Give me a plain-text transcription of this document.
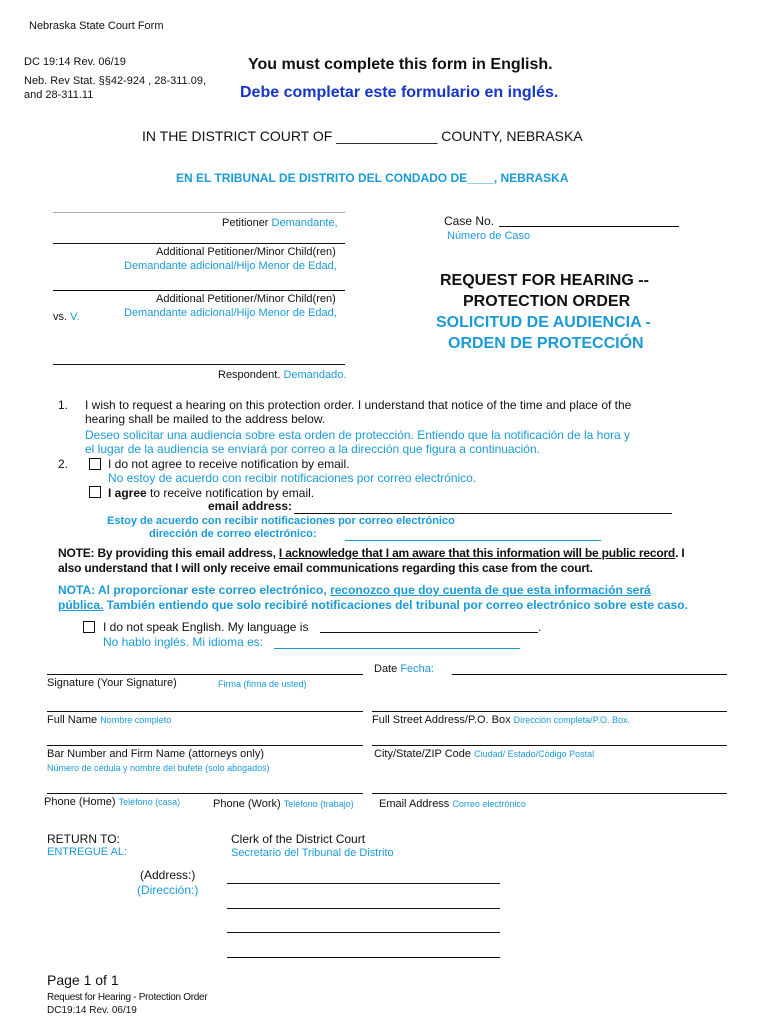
Nebraska State Court Form
DC 19:14 Rev. 06/19
Neb. Rev Stat. §§42-924 , 28-311.09,
and 28-311.11
You must complete this form in English.
Debe completar este formulario en inglés.
IN THE DISTRICT COURT OF _____________ COUNTY, NEBRASKA
EN EL TRIBUNAL DE DISTRITO DEL CONDADO DE____, NEBRASKA
Petitioner Demandante,
Additional Petitioner/Minor Child(ren)
Demandante adicional/Hijo Menor de Edad,
Additional Petitioner/Minor Child(ren)
Demandante adicional/Hijo Menor de Edad,
vs. V.
Respondent. Demandado.
Case No.
Número de Caso
REQUEST FOR HEARING --
PROTECTION ORDER
SOLICITUD DE AUDIENCIA -
ORDEN DE PROTECCIÓN
1. I wish to request a hearing on this protection order. I understand that notice of the time and place of the
hearing shall be mailed to the address below.
Deseo solicitar una audiencia sobre esta orden de protección. Entiendo que la notificación de la hora y
el lugar de la audiencia se enviará por correo a la dirección que figura a continuación.
2.	I do not agree to receive notification by email.
No estoy de acuerdo con recibir notificaciones por correo electrónico.
I agree to receive notification by email.
email address:
Estoy de acuerdo con recibir notificaciones por correo electrónico
dirección de correo electrónico:
NOTE: By providing this email address, I acknowledge that I am aware that this information will be public record. I
also understand that I will only receive email communications regarding this case from the court.
NOTA: Al proporcionar este correo electrónico, reconozco que doy cuenta de que esta información será
pública. También entiendo que solo recibiré notificaciones del tribunal por correo electrónico sobre este caso.
I do not speak English. My language is	.
No hablo inglés. Mi idioma es:
Date Fecha:
Signature (Your Signature)	Firma (firma de usted)
Full Name Nombre completo	Full Street Address/P.O. Box Dirección completa/P.O. Box.
Bar Number and Firm Name (attorneys only)
Número de cédula y nombre del bufete (solo abogados)
City/State/ZIP Code Ciudad/ Estado/Código Postal
Phone (Home) Teléfono (casa)	Phone (Work) Teléfono (trabajo) Email Address Correo electrónico
RETURN TO:
ENTREGUE AL:
Clerk of the District Court
Secretario del Tribunal de Distrito
(Address:)
(Dirección:)
Page 1 of 1
Request for Hearing - Protection Order
DC19:14 Rev. 06/19
